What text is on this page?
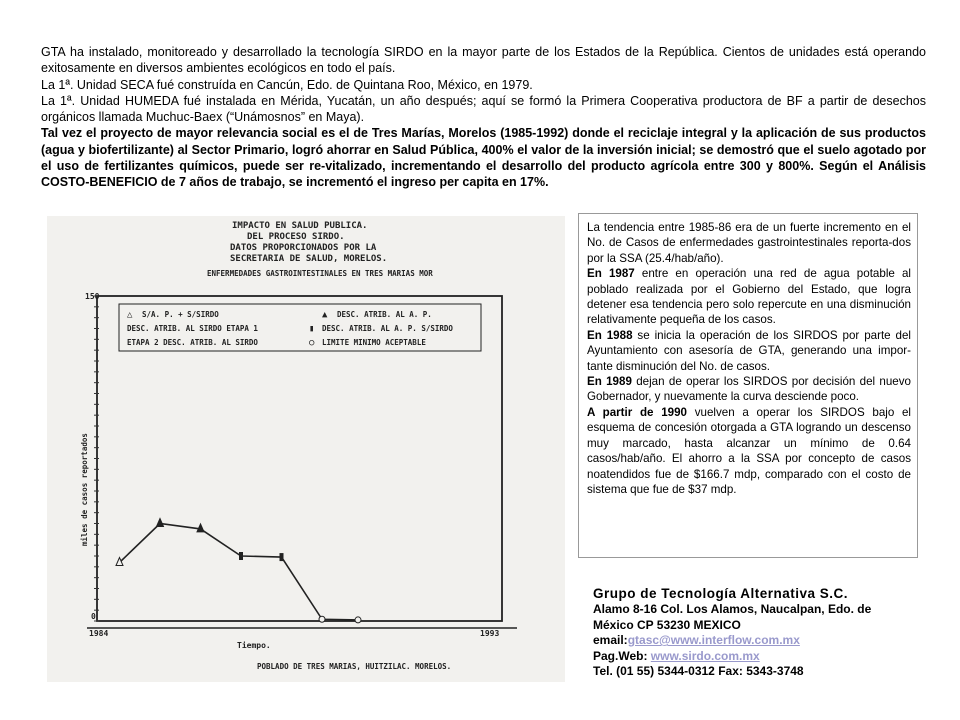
GTA ha instalado, monitoreado y desarrollado la tecnología SIRDO en la mayor parte de los Estados de la República. Cientos de unidades está operando exitosamente en diversos ambientes ecológicos en todo el país.

La 1ª. Unidad SECA fué construída en Cancún, Edo. de Quintana Roo, México, en 1979.

La 1ª. Unidad HUMEDA fué instalada en Mérida, Yucatán, un año después; aquí se formó la Primera Cooperativa productora de BF a partir de desechos orgánicos llamada Muchuc-Baex (“Unámosnos” en Maya).

Tal vez el proyecto de mayor relevancia social es el de Tres Marías, Morelos (1985-1992) donde el reciclaje integral y la aplicación de sus productos (agua y biofertilizante) al Sector Primario, logró ahorrar en Salud Pública, 400% el valor de la inversión inicial; se demostró que el suelo agotado por el uso de fertilizantes químicos, puede ser re-vitalizado, incrementando el desarrollo del producto agrícola entre 300 y 800%. Según el Análisis COSTO-BENEFICIO de 7 años de trabajo, se incrementó el ingreso per capita en 17%.

IMPACTO EN SALUD PUBLICA.
DEL PROCESO SIRDO.
DATOS PROPORCIONADOS POR LA
SECRETARIA DE SALUD, MORELOS.
ENFERMEDADES GASTROINTESTINALES EN TRES MARIAS MOR
△ S/A. P. + S/SIRDO	▲ DESC. ATRIB. AL A. P.
DESC. ATRIB. AL SIRDO ETAPA 1	▮ DESC. ATRIB. AL A. P. S/SIRDO
ETAPA 2 DESC. ATRIB. AL SIRDO	○ LIMITE MINIMO ACEPTABLE
150
0
miles de casos reportados
1984	1993
Tiempo.
POBLADO DE TRES MARIAS, HUITZILAC. MORELOS.

La tendencia entre 1985-86 era de un fuerte incremento en el No. de Casos de enfermedades gastrointestinales reporta-dos por la SSA (25.4/hab/año).

En 1987 entre en operación una red de agua potable al poblado realizada por el Gobierno del Estado, que logra detener esa tendencia pero solo repercute en una disminución relativamente pequeña de los casos.

En 1988 se inicia la operación de los SIRDOS por parte del Ayuntamiento con asesoría de GTA, generando una impor-tante disminución del No. de casos.

En 1989 dejan de operar los SIRDOS por decisión del nuevo Gobernador, y nuevamente la curva desciende poco.

A partir de 1990 vuelven a operar los SIRDOS bajo el esquema de concesión otorgada a GTA logrando un descenso muy marcado, hasta alcanzar un mínimo de 0.64 casos/hab/año. El ahorro a la SSA por concepto de casos noatendidos fue de $166.7 mdp, comparado con el costo de sistema que fue de $37 mdp.

Grupo de Tecnología Alternativa S.C.
Alamo 8-16 Col. Los Alamos, Naucalpan, Edo. de México CP 53230 MEXICO
email:gtasc@www.interflow.com.mx
Pag.Web: www.sirdo.com.mx
Tel. (01 55) 5344-0312 Fax: 5343-3748
